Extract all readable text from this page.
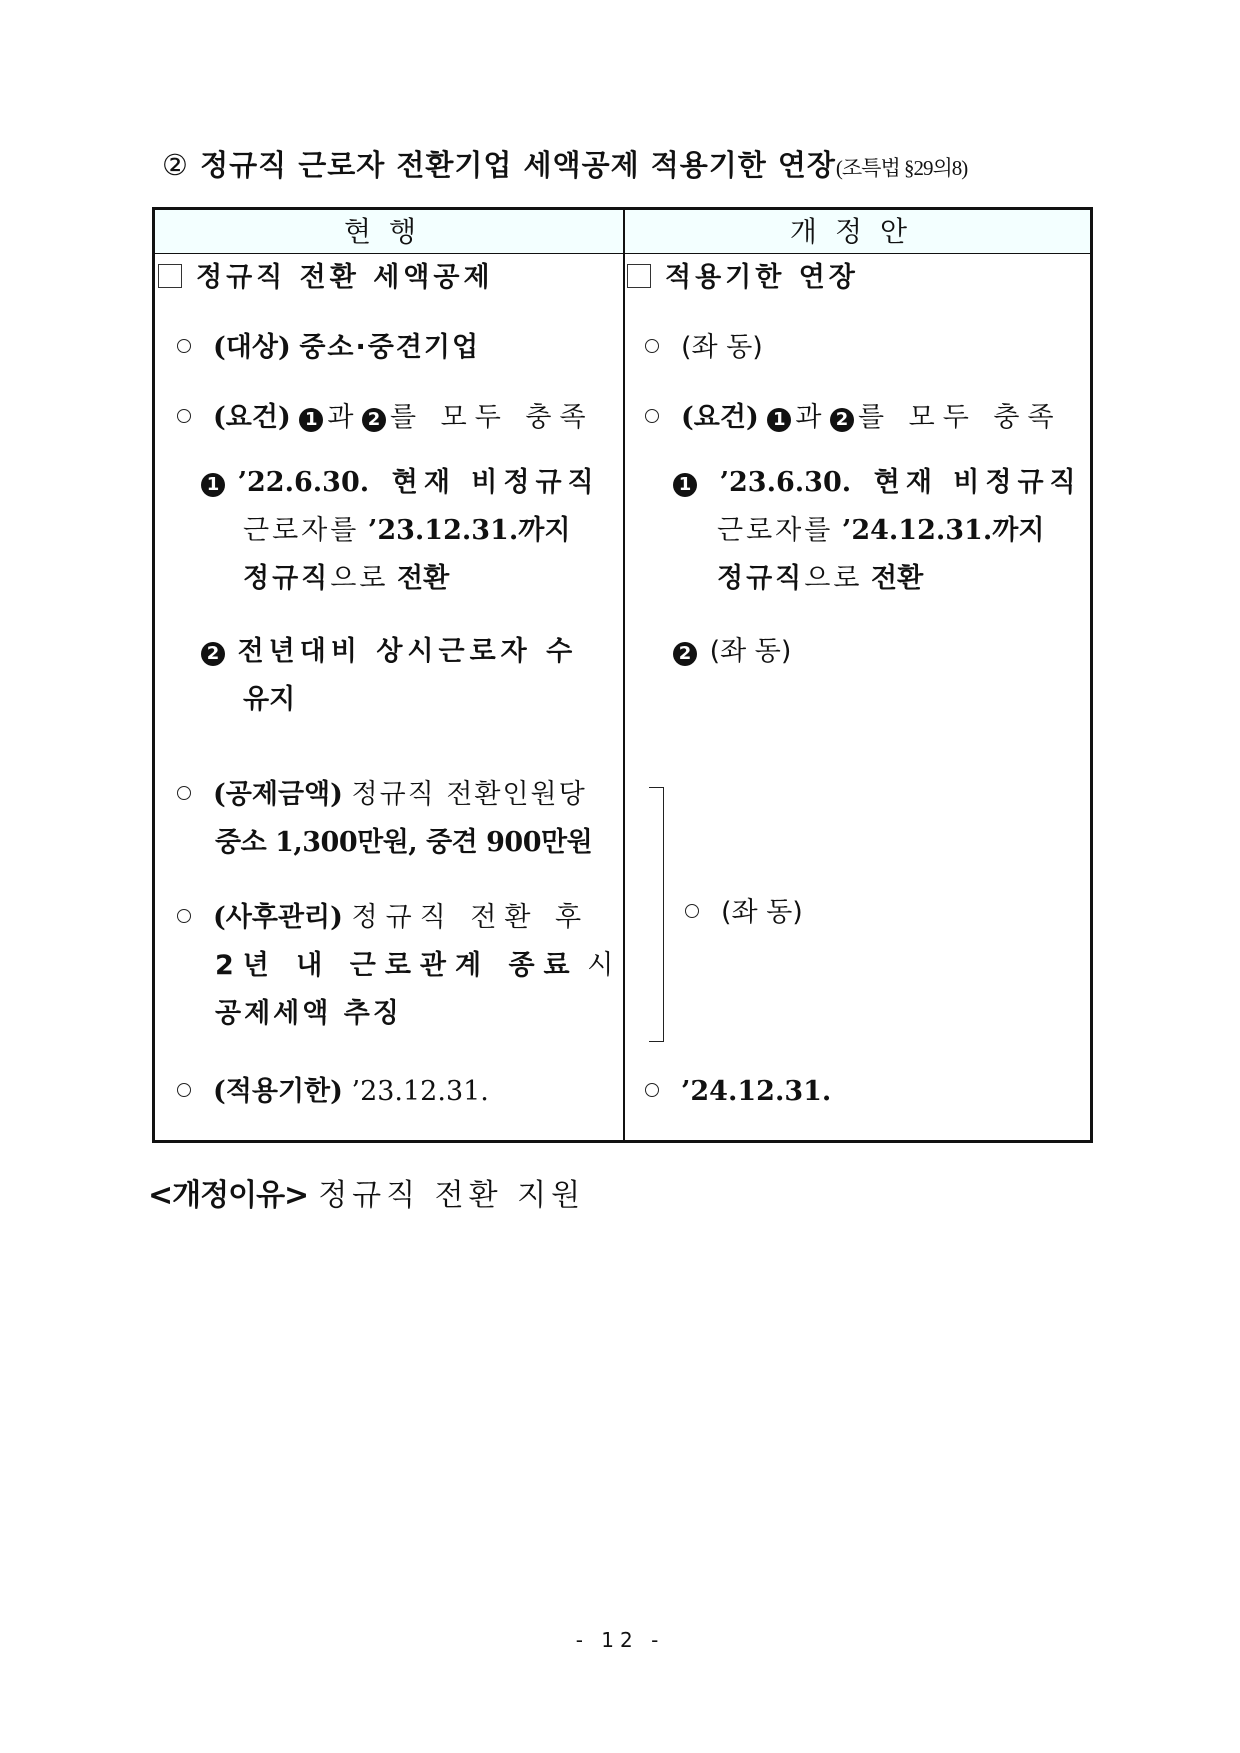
② 정규직 근로자 전환기업 세액공제 적용기한 연장(조특법 §29의8)
현행	개정안
정규직 전환 세액공제
(대상) 중소·중견기업
(요건) 1 과 2 를 모두 충족
1 ’22.6.30. 현재 비정규직
근로자를 ’23.12.31.까지
정규직으로 전환
2 전년대비 상시근로자 수
유지
(공제금액) 정규직 전환인원당
중소 1,300만원, 중견 900만원
(사후관리) 정규직 전환 후
2년 내 근로관계 종료 시
공제세액 추징
(적용기한) ’23.12.31.
적용기한 연장
(좌 동)
(요건) 1 과 2 를 모두 충족
1 ’23.6.30. 현재 비정규직
근로자를 ’24.12.31.까지
정규직으로 전환
2 (좌 동)
(좌 동)
’24.12.31.
<개정이유> 정규직 전환 지원
- 12 -
